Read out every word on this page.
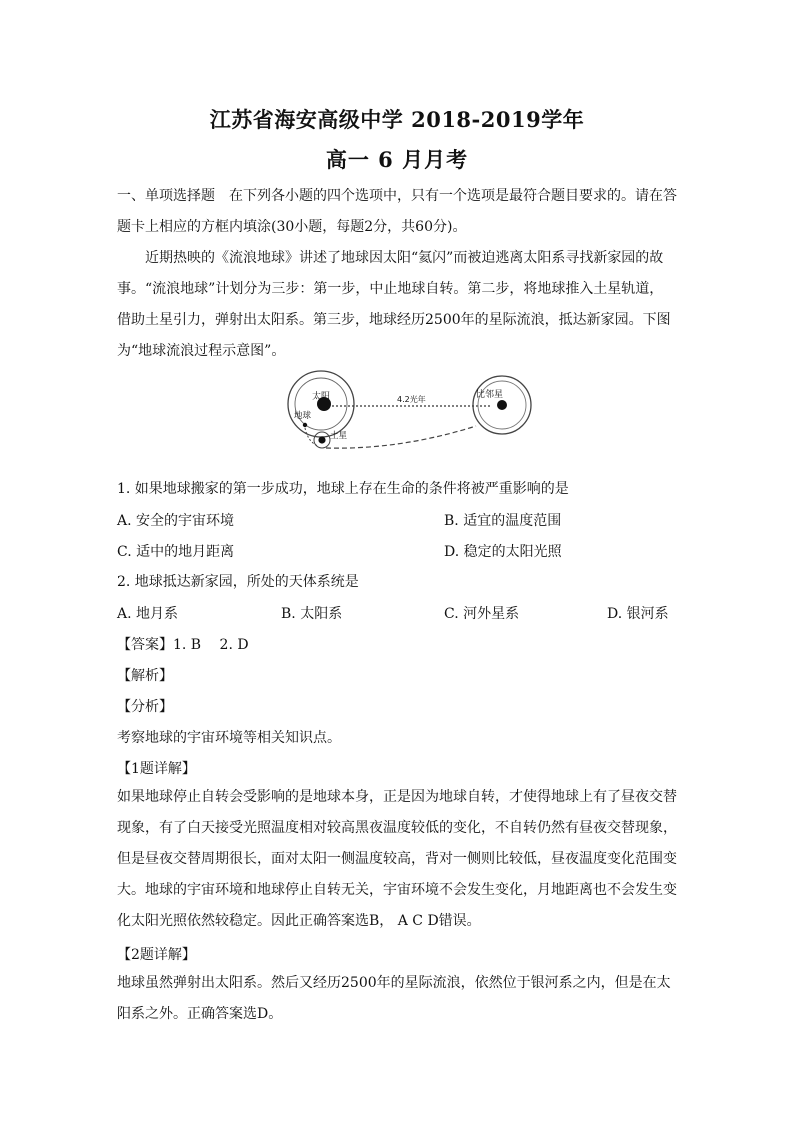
江苏省海安高级中学 2018-2019学年
高一 6 月月考

一、单项选择题　在下列各小题的四个选项中，只有一个选项是最符合题目要求的。请在答题卡上相应的方框内填涂(30小题，每题2分，共60分)。

近期热映的《流浪地球》讲述了地球因太阳“氦闪”而被迫逃离太阳系寻找新家园的故事。“流浪地球”计划分为三步：第一步，中止地球自转。第二步，将地球推入土星轨道，借助土星引力，弹射出太阳系。第三步，地球经历2500年的星际流浪，抵达新家园。下图为“地球流浪过程示意图”。

太阳
地球
土星
4.2光年	比邻星
1. 如果地球搬家的第一步成功，地球上存在生命的条件将被严重影响的是
A. 安全的宇宙环境	B. 适宜的温度范围
C. 适中的地月距离	D. 稳定的太阳光照
2. 地球抵达新家园，所处的天体系统是
A. 地月系	B. 太阳系	C. 河外星系	D. 银河系
【答案】1. B　 2. D
【解析】
【分析】
考察地球的宇宙环境等相关知识点。
【1题详解】

如果地球停止自转会受影响的是地球本身，正是因为地球自转，才使得地球上有了昼夜交替现象，有了白天接受光照温度相对较高黑夜温度较低的变化，不自转仍然有昼夜交替现象，但是昼夜交替周期很长，面对太阳一侧温度较高，背对一侧则比较低，昼夜温度变化范围变大。地球的宇宙环境和地球停止自转无关，宇宙环境不会发生变化，月地距离也不会发生变化太阳光照依然较稳定。因此正确答案选B， A C D错误。

【2题详解】

地球虽然弹射出太阳系。然后又经历2500年的星际流浪，依然位于银河系之内，但是在太阳系之外。正确答案选D。
